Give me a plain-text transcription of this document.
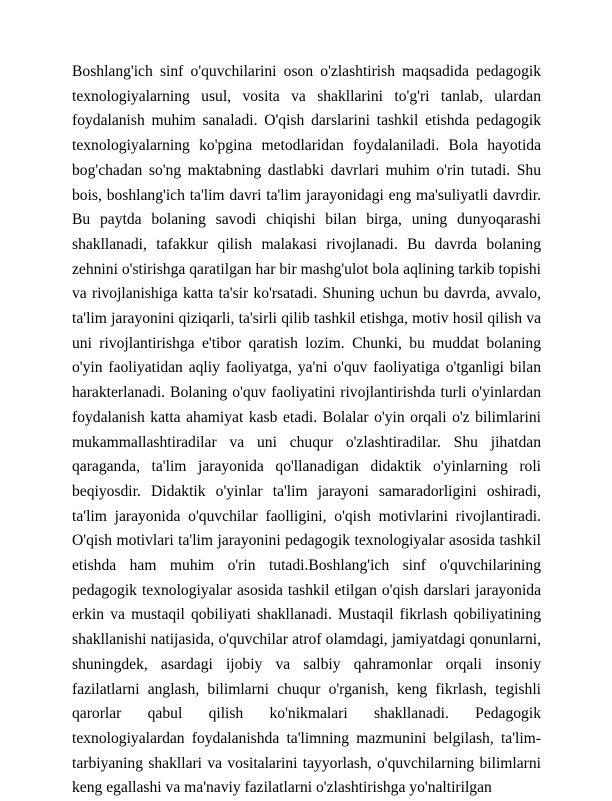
Boshlang'ich sinf o'quvchilarini oson o'zlashtirish maqsadida pedagogik texnologiyalarning usul, vosita va shakllarini to'g'ri tanlab, ulardan foydalanish muhim sanaladi. O'qish darslarini tashkil etishda pedagogik texnologiyalarning ko'pgina metodlaridan foydalaniladi. Bola hayotida bog'chadan so'ng maktabning dastlabki davrlari muhim o'rin tutadi. Shu bois, boshlang'ich ta'lim davri ta'lim jarayonidagi eng ma'suliyatli davrdir. Bu paytda bolaning savodi chiqishi bilan birga, uning dunyoqarashi shakllanadi, tafakkur qilish malakasi rivojlanadi. Bu davrda bolaning zehnini o'stirishga qaratilgan har bir mashg'ulot bola aqlining tarkib topishi va rivojlanishiga katta ta'sir ko'rsatadi. Shuning uchun bu davrda, avvalo, ta'lim jarayonini qiziqarli, ta'sirli qilib tashkil etishga, motiv hosil qilish va uni rivojlantirishga e'tibor qaratish lozim. Chunki, bu muddat bolaning o'yin faoliyatidan aqliy faoliyatga, ya'ni o'quv faoliyatiga o'tganligi bilan harakterlanadi. Bolaning o'quv faoliyatini rivojlantirishda turli o'yinlardan foydalanish katta ahamiyat kasb etadi. Bolalar o'yin orqali o'z bilimlarini mukammallashtiradilar va uni chuqur o'zlashtiradilar. Shu jihatdan qaraganda, ta'lim jarayonida qo'llanadigan didaktik o'yinlarning roli beqiyosdir. Didaktik o'yinlar ta'lim jarayoni samaradorligini oshiradi, ta'lim jarayonida o'quvchilar faolligini, o'qish motivlarini rivojlantiradi. O'qish motivlari ta'lim jarayonini pedagogik texnologiyalar asosida tashkil etishda ham muhim o'rin tutadi.Boshlang'ich sinf o'quvchilarining pedagogik texnologiyalar asosida tashkil etilgan o'qish darslari jarayonida erkin va mustaqil qobiliyati shakllanadi. Mustaqil fikrlash qobiliyatining shakllanishi natijasida, o'quvchilar atrof olamdagi, jamiyatdagi qonunlarni, shuningdek, asardagi ijobiy va salbiy qahramonlar orqali insoniy fazilatlarni anglash, bilimlarni chuqur o'rganish, keng fikrlash, tegishli qarorlar qabul qilish ko'nikmalari shakllanadi. Pedagogik texnologiyalardan foydalanishda ta'limning mazmunini belgilash, ta'lim-tarbiyaning shakllari va vositalarini tayyorlash, o'quvchilarning bilimlarni keng egallashi va ma'naviy fazilatlarni o'zlashtirishga yo'naltirilgan
